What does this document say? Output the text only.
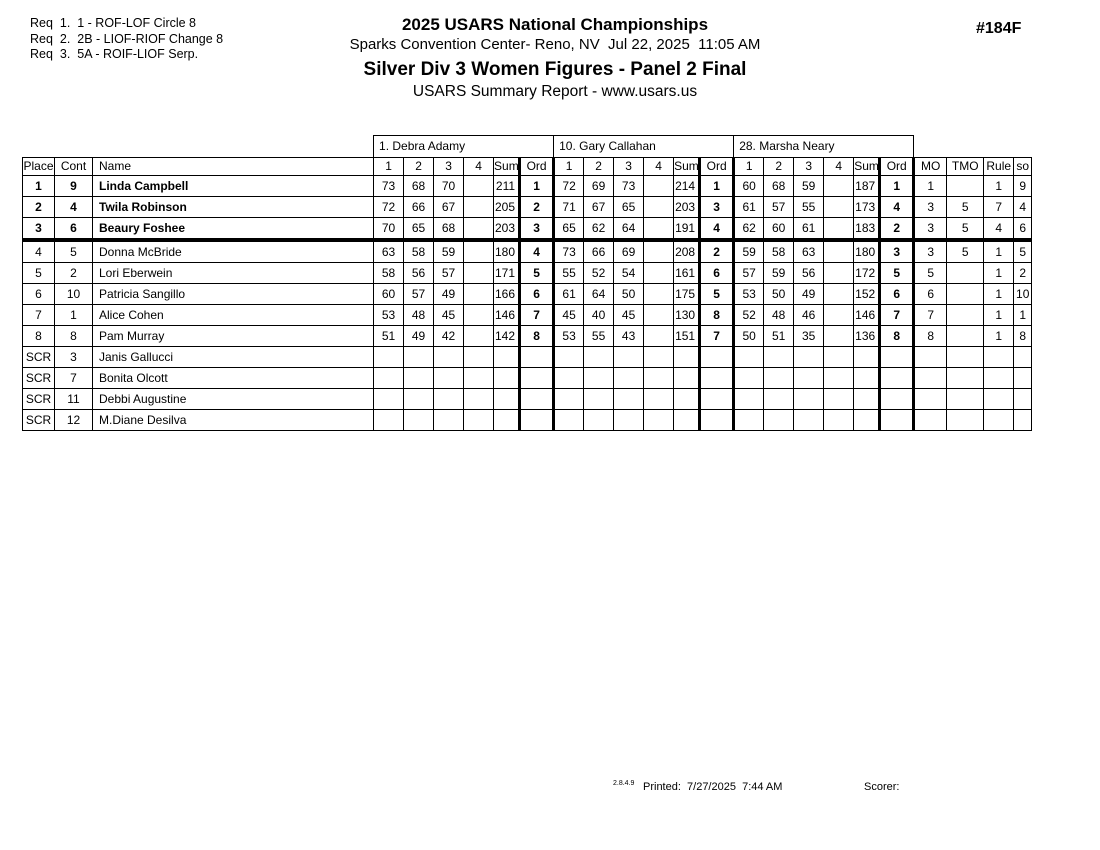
Req  1.  1 - ROF-LOF Circle 8
Req  2.  2B - LIOF-RIOF Change 8
Req  3.  5A - ROIF-LIOF Serp.
2025 USARS National Championships
Sparks Convention Center- Reno, NV  Jul 22, 2025  11:05 AM
Silver Div 3 Women Figures - Panel 2 Final
USARS Summary Report - www.usars.us
#184F
			1. Debra Adamy						10. Gary Callahan						28. Marsha Neary									
Place	Cont	Name	1	2	3	4	Sum	Ord	1	2	3	4	Sum	Ord	1	2	3	4	Sum	Ord	MO	TMO	Rule	so
1	9	Linda Campbell	73	68	70		211	1	72	69	73		214	1	60	68	59		187	1	1		1	9
2	4	Twila Robinson	72	66	67		205	2	71	67	65		203	3	61	57	55		173	4	3	5	7	4
3	6	Beaury Foshee	70	65	68		203	3	65	62	64		191	4	62	60	61		183	2	3	5	4	6
4	5	Donna McBride	63	58	59		180	4	73	66	69		208	2	59	58	63		180	3	3	5	1	5
5	2	Lori Eberwein	58	56	57		171	5	55	52	54		161	6	57	59	56		172	5	5		1	2
6	10	Patricia Sangillo	60	57	49		166	6	61	64	50		175	5	53	50	49		152	6	6		1	10
7	1	Alice Cohen	53	48	45		146	7	45	40	45		130	8	52	48	46		146	7	7		1	1
8	8	Pam Murray	51	49	42		142	8	53	55	43		151	7	50	51	35		136	8	8		1	8
SCR	3	Janis Gallucci																						
SCR	7	Bonita Olcott																						
SCR	11	Debbi Augustine																						
SCR	12	M.Diane Desilva																						
2.8.4.9 Printed:  7/27/2025  7:44 AM	Scorer:
